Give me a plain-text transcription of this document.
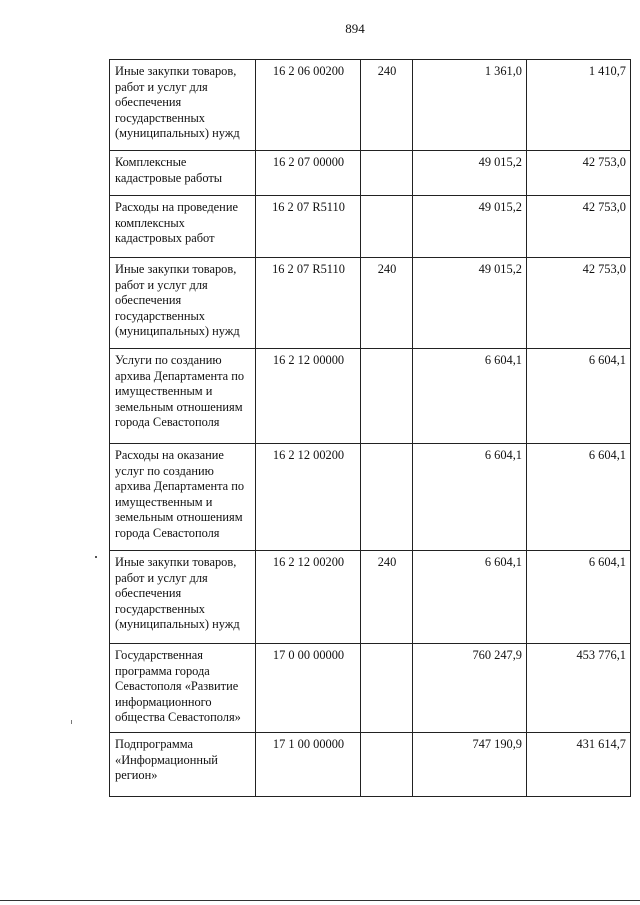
894
Иные закупки товаров, работ и услуг для обеспечения государственных (муниципальных) нужд	16 2 06 00200	240	1 361,0	1 410,7
Комплексные кадастровые работы	16 2 07 00000		49 015,2	42 753,0
Расходы на проведение комплексных кадастровых работ	16 2 07 R5110		49 015,2	42 753,0
Иные закупки товаров, работ и услуг для обеспечения государственных (муниципальных) нужд	16 2 07 R5110	240	49 015,2	42 753,0
Услуги по созданию архива Департамента по имущественным и земельным отношениям города Севастополя	16 2 12 00000		6 604,1	6 604,1
Расходы на оказание услуг по созданию архива Департамента по имущественным и земельным отношениям города Севастополя	16 2 12 00200		6 604,1	6 604,1
Иные закупки товаров, работ и услуг для обеспечения государственных (муниципальных) нужд	16 2 12 00200	240	6 604,1	6 604,1
Государственная программа города Севастополя «Развитие информационного общества Севастополя»	17 0 00 00000		760 247,9	453 776,1
Подпрограмма «Информационный регион»	17 1 00 00000		747 190,9	431 614,7
